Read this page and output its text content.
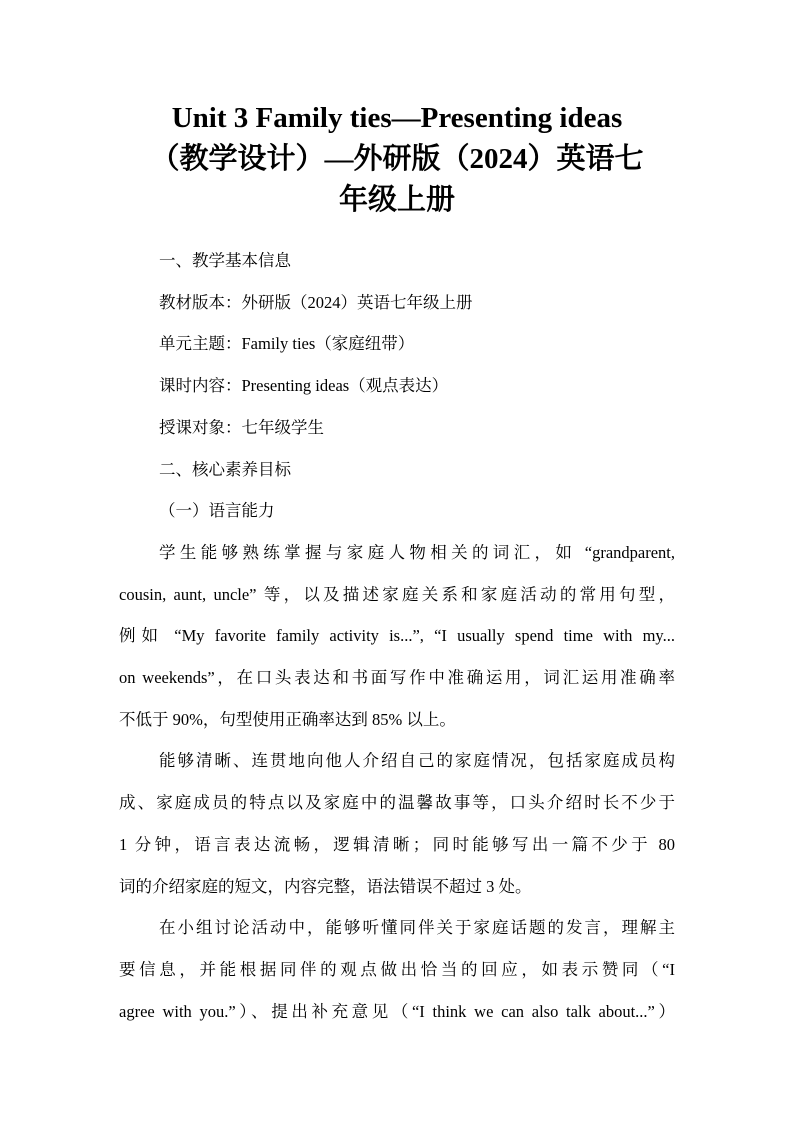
Unit 3 Family ties—Presenting ideas
（教学设计）—外研版（2024）英语七
年级上册

一、教学基本信息

教材版本：外研版（2024）英语七年级上册

单元主题：Family ties（家庭纽带）

课时内容：Presenting ideas（观点表达）

授课对象：七年级学生

二、核心素养目标

（一）语言能力

学生能够熟练掌握与家庭人物相关的词汇，如 “grandparent,
cousin, aunt, uncle” 等，以及描述家庭关系和家庭活动的常用句型，
例如 “My favorite family activity is...”, “I usually spend time with my...
on weekends”，在口头表达和书面写作中准确运用，词汇运用准确率
不低于 90%，句型使用正确率达到 85% 以上。

能够清晰、连贯地向他人介绍自己的家庭情况，包括家庭成员构
成、家庭成员的特点以及家庭中的温馨故事等，口头介绍时长不少于
1 分钟，语言表达流畅，逻辑清晰；同时能够写出一篇不少于 80
词的介绍家庭的短文，内容完整，语法错误不超过 3 处。

在小组讨论活动中，能够听懂同伴关于家庭话题的发言，理解主
要信息，并能根据同伴的观点做出恰当的回应，如表示赞同（“I
agree with you.”）、提出补充意见（“I think we can also talk about...”）
